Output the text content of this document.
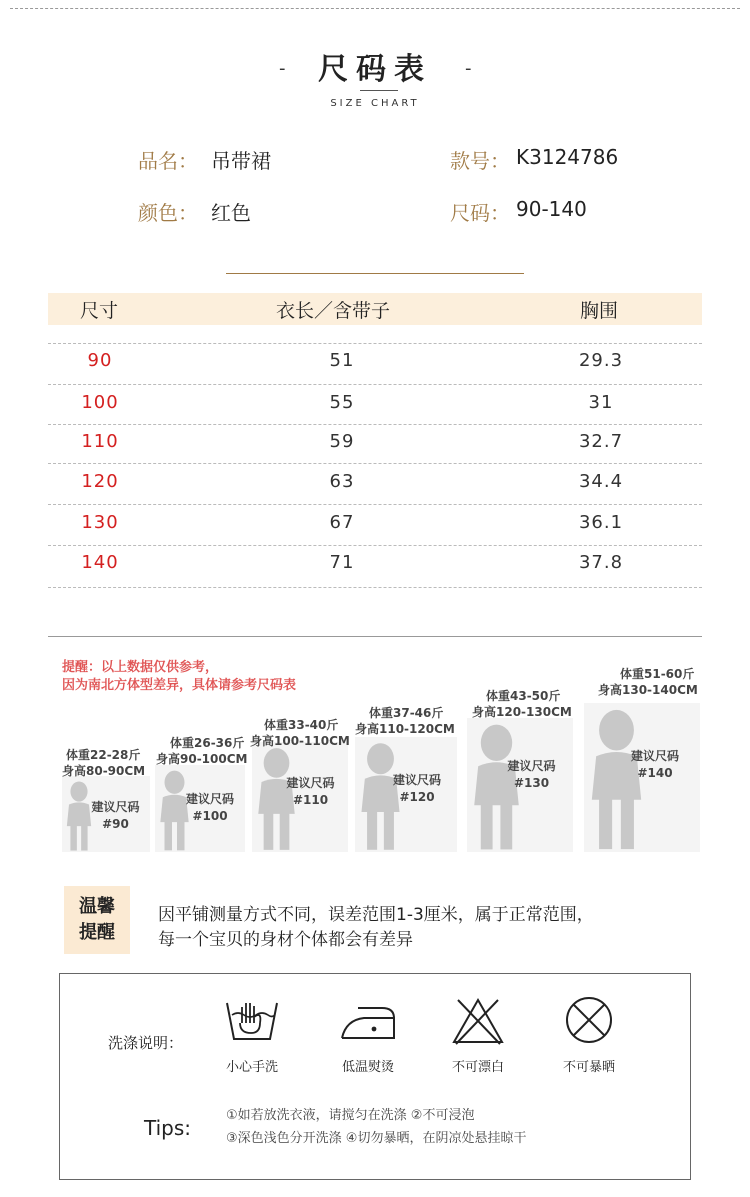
-	尺码表	-
SIZE CHART
品名： 吊带裙	款号： K3124786
颜色： 红色	尺码： 90-140
尺寸	衣长／含带子	胸围
90	51	29.3
100	55	31
110	59	32.7
120	63	34.4
130	67	36.1
140	71	37.8
提醒：以上数据仅供参考，
因为南北方体型差异，具体请参考尺码表
体重22-28斤
身高80-90CM
建议尺码
#90
体重26-36斤
身高90-100CM
建议尺码
#100
体重33-40斤
身高100-110CM
建议尺码
#110
体重37-46斤
身高110-120CM
建议尺码
#120
体重43-50斤
身高120-130CM
建议尺码
#130
体重51-60斤
身高130-140CM
建议尺码
#140
温馨
提醒
因平铺测量方式不同，误差范围1-3厘米，属于正常范围，
每一个宝贝的身材个体都会有差异
洗涤说明：
小心手洗	低温熨烫	不可漂白	不可暴晒
Tips:
①如若放洗衣液，请搅匀在洗涤 ②不可浸泡
③深色浅色分开洗涤 ④切勿暴晒，在阴凉处悬挂晾干
